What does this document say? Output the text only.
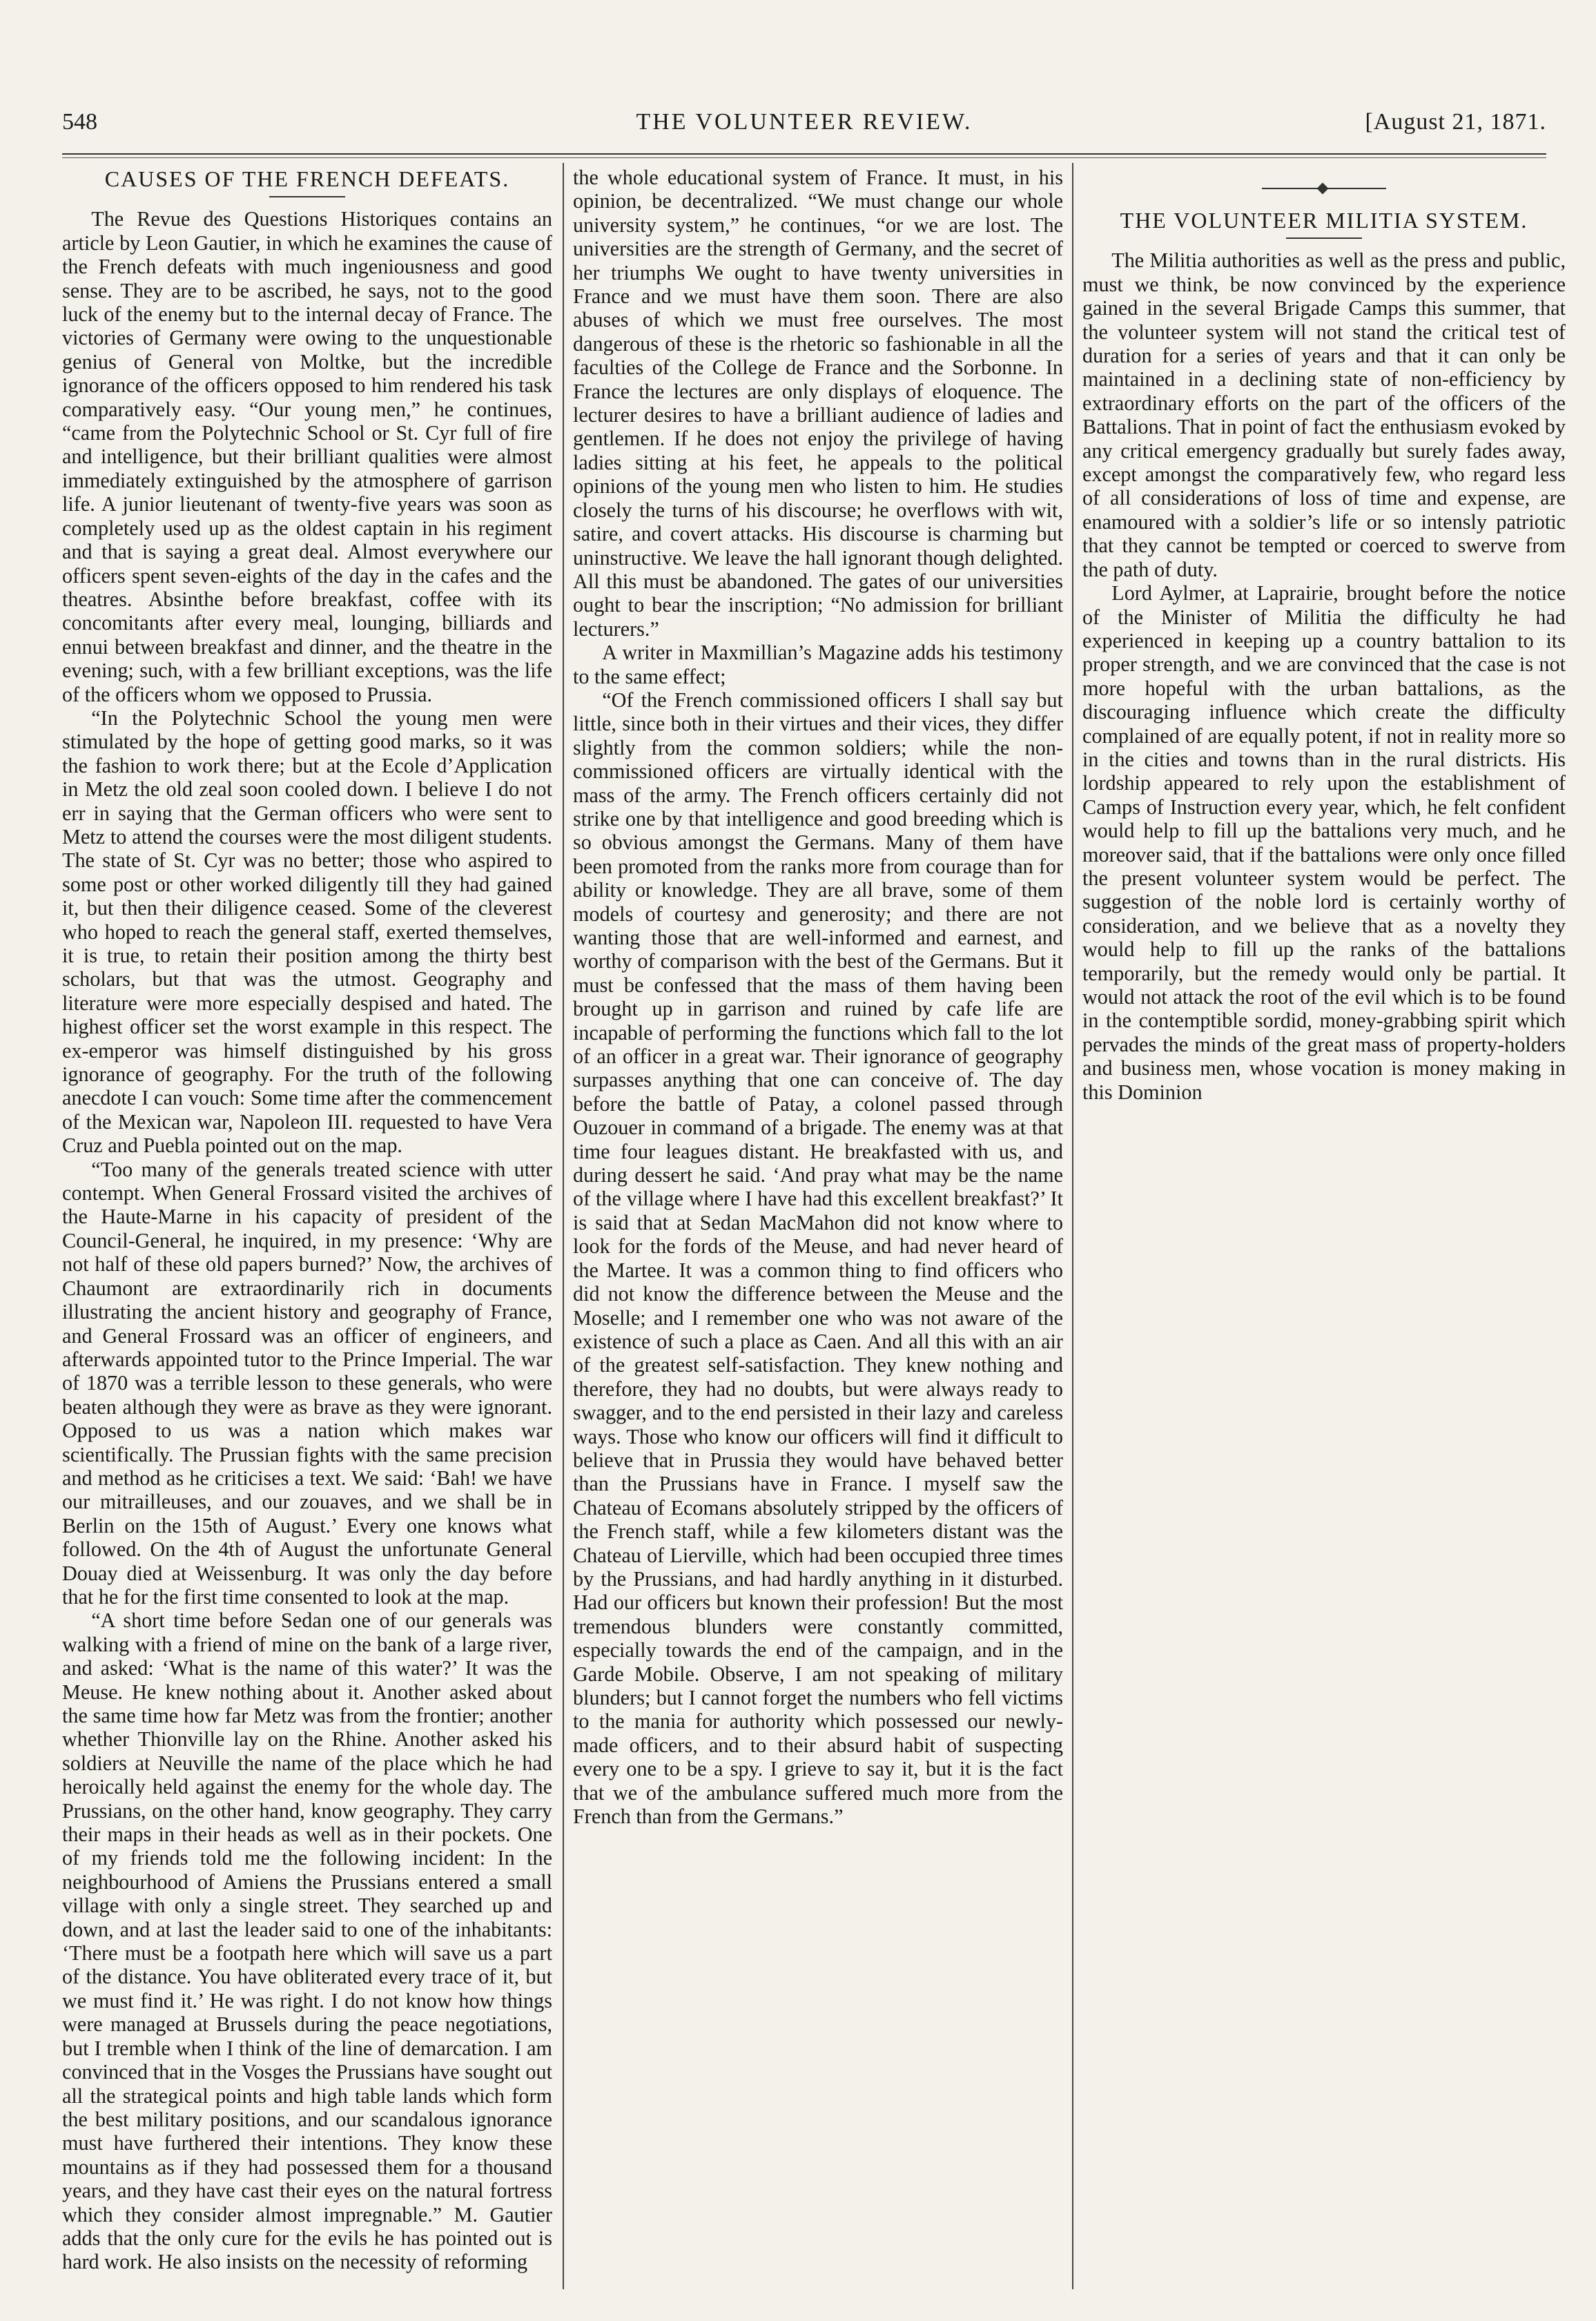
548	THE VOLUNTEER REVIEW.	[August 21, 1871.
CAUSES OF THE FRENCH DEFEATS.

The Revue des Questions Historiques contains an article by Leon Gautier, in which he examines the cause of the French defeats with much ingeniousness and good sense. They are to be ascribed, he says, not to the good luck of the enemy but to the internal decay of France. The victories of Germany were owing to the unquestionable genius of General von Moltke, but the incredible ignorance of the officers opposed to him rendered his task comparatively easy. “Our young men,” he continues, “came from the Polytechnic School or St. Cyr full of fire and intelligence, but their brilliant qualities were almost immediately extinguished by the atmosphere of garrison life. A junior lieutenant of twenty-five years was soon as completely used up as the oldest captain in his regiment and that is saying a great deal. Almost everywhere our officers spent seven-eights of the day in the cafes and the theatres. Absinthe before breakfast, coffee with its concomitants after every meal, lounging, billiards and ennui between breakfast and dinner, and the theatre in the evening; such, with a few brilliant exceptions, was the life of the officers whom we opposed to Prussia.

“In the Polytechnic School the young men were stimulated by the hope of getting good marks, so it was the fashion to work there; but at the Ecole d’Application in Metz the old zeal soon cooled down. I believe I do not err in saying that the German officers who were sent to Metz to attend the courses were the most diligent students. The state of St. Cyr was no better; those who aspired to some post or other worked diligently till they had gained it, but then their diligence ceased. Some of the cleverest who hoped to reach the general staff, exerted themselves, it is true, to retain their position among the thirty best scholars, but that was the utmost. Geography and literature were more especially despised and hated. The highest officer set the worst example in this respect. The ex-emperor was himself distinguished by his gross ignorance of geography. For the truth of the following anecdote I can vouch: Some time after the commencement of the Mexican war, Napoleon III. requested to have Vera Cruz and Puebla pointed out on the map.

“Too many of the generals treated science with utter contempt. When General Frossard visited the archives of the Haute-Marne in his capacity of president of the Council-General, he inquired, in my presence: ‘Why are not half of these old papers burned?’ Now, the archives of Chaumont are extraordinarily rich in documents illustrating the ancient history and geography of France, and General Frossard was an officer of engineers, and afterwards appointed tutor to the Prince Imperial. The war of 1870 was a terrible lesson to these generals, who were beaten although they were as brave as they were ignorant. Opposed to us was a nation which makes war scientifically. The Prussian fights with the same precision and method as he criticises a text. We said: ‘Bah! we have our mitrailleuses, and our zouaves, and we shall be in Berlin on the 15th of August.’ Every one knows what followed. On the 4th of August the unfortunate General Douay died at Weissenburg. It was only the day before that he for the first time consented to look at the map.

“A short time before Sedan one of our generals was walking with a friend of mine on the bank of a large river, and asked: ‘What is the name of this water?’ It was the Meuse. He knew nothing about it. Another asked about the same time how far Metz was from the frontier; another whether Thionville lay on the Rhine. Another asked his soldiers at Neuville the name of the place which he had heroically held against the enemy for the whole day. The Prussians, on the other hand, know geography. They carry their maps in their heads as well as in their pockets. One of my friends told me the following incident: In the neighbourhood of Amiens the Prussians entered a small village with only a single street. They searched up and down, and at last the leader said to one of the inhabitants: ‘There must be a footpath here which will save us a part of the distance. You have obliterated every trace of it, but we must find it.’ He was right. I do not know how things were managed at Brussels during the peace negotiations, but I tremble when I think of the line of demarcation. I am convinced that in the Vosges the Prussians have sought out all the strategical points and high table lands which form the best military positions, and our scandalous ignorance must have furthered their intentions. They know these mountains as if they had possessed them for a thousand years, and they have cast their eyes on the natural fortress which they consider almost impregnable.” M. Gautier adds that the only cure for the evils he has pointed out is hard work. He also insists on the necessity of reforming

the whole educational system of France. It must, in his opinion, be decentralized. “We must change our whole university system,” he continues, “or we are lost. The universities are the strength of Germany, and the secret of her triumphs We ought to have twenty universities in France and we must have them soon. There are also abuses of which we must free ourselves. The most dangerous of these is the rhetoric so fashionable in all the faculties of the College de France and the Sorbonne. In France the lectures are only displays of eloquence. The lecturer desires to have a brilliant audience of ladies and gentlemen. If he does not enjoy the privilege of having ladies sitting at his feet, he appeals to the political opinions of the young men who listen to him. He studies closely the turns of his discourse; he overflows with wit, satire, and covert attacks. His discourse is charming but uninstructive. We leave the hall ignorant though delighted. All this must be abandoned. The gates of our universities ought to bear the inscription; “No admission for brilliant lecturers.”

A writer in Maxmillian’s Magazine adds his testimony to the same effect;

“Of the French commissioned officers I shall say but little, since both in their virtues and their vices, they differ slightly from the common soldiers; while the non-commissioned officers are virtually identical with the mass of the army. The French officers certainly did not strike one by that intelligence and good breeding which is so obvious amongst the Germans. Many of them have been promoted from the ranks more from courage than for ability or knowledge. They are all brave, some of them models of courtesy and generosity; and there are not wanting those that are well-informed and earnest, and worthy of comparison with the best of the Germans. But it must be confessed that the mass of them having been brought up in garrison and ruined by cafe life are incapable of performing the functions which fall to the lot of an officer in a great war. Their ignorance of geography surpasses anything that one can conceive of. The day before the battle of Patay, a colonel passed through Ouzouer in command of a brigade. The enemy was at that time four leagues distant. He breakfasted with us, and during dessert he said. ‘And pray what may be the name of the village where I have had this excellent breakfast?’ It is said that at Sedan MacMahon did not know where to look for the fords of the Meuse, and had never heard of the Martee. It was a common thing to find officers who did not know the difference between the Meuse and the Moselle; and I remember one who was not aware of the existence of such a place as Caen. And all this with an air of the greatest self-satisfaction. They knew nothing and therefore, they had no doubts, but were always ready to swagger, and to the end persisted in their lazy and careless ways. Those who know our officers will find it difficult to believe that in Prussia they would have behaved better than the Prussians have in France. I myself saw the Chateau of Ecomans absolutely stripped by the officers of the French staff, while a few kilometers distant was the Chateau of Lierville, which had been occupied three times by the Prussians, and had hardly anything in it disturbed. Had our officers but known their profession! But the most tremendous blunders were constantly committed, especially towards the end of the campaign, and in the Garde Mobile. Observe, I am not speaking of military blunders; but I cannot forget the numbers who fell victims to the mania for authority which possessed our newly-made officers, and to their absurd habit of suspecting every one to be a spy. I grieve to say it, but it is the fact that we of the ambulance suffered much more from the French than from the Germans.”

THE VOLUNTEER MILITIA SYSTEM.

The Militia authorities as well as the press and public, must we think, be now convinced by the experience gained in the several Brigade Camps this summer, that the volunteer system will not stand the critical test of duration for a series of years and that it can only be maintained in a declining state of non-efficiency by extraordinary efforts on the part of the officers of the Battalions. That in point of fact the enthusiasm evoked by any critical emergency gradually but surely fades away, except amongst the comparatively few, who regard less of all considerations of loss of time and expense, are enamoured with a soldier’s life or so intensly patriotic that they cannot be tempted or coerced to swerve from the path of duty.

Lord Aylmer, at Laprairie, brought before the notice of the Minister of Militia the difficulty he had experienced in keeping up a country battalion to its proper strength, and we are convinced that the case is not more hopeful with the urban battalions, as the discouraging influence which create the difficulty complained of are equally potent, if not in reality more so in the cities and towns than in the rural districts. His lordship appeared to rely upon the establishment of Camps of Instruction every year, which, he felt confident would help to fill up the battalions very much, and he moreover said, that if the battalions were only once filled the present volunteer system would be perfect. The suggestion of the noble lord is certainly worthy of consideration, and we believe that as a novelty they would help to fill up the ranks of the battalions temporarily, but the remedy would only be partial. It would not attack the root of the evil which is to be found in the contemptible sordid, money-grabbing spirit which pervades the minds of the great mass of property-holders and business men, whose vocation is money making in this Dominion
